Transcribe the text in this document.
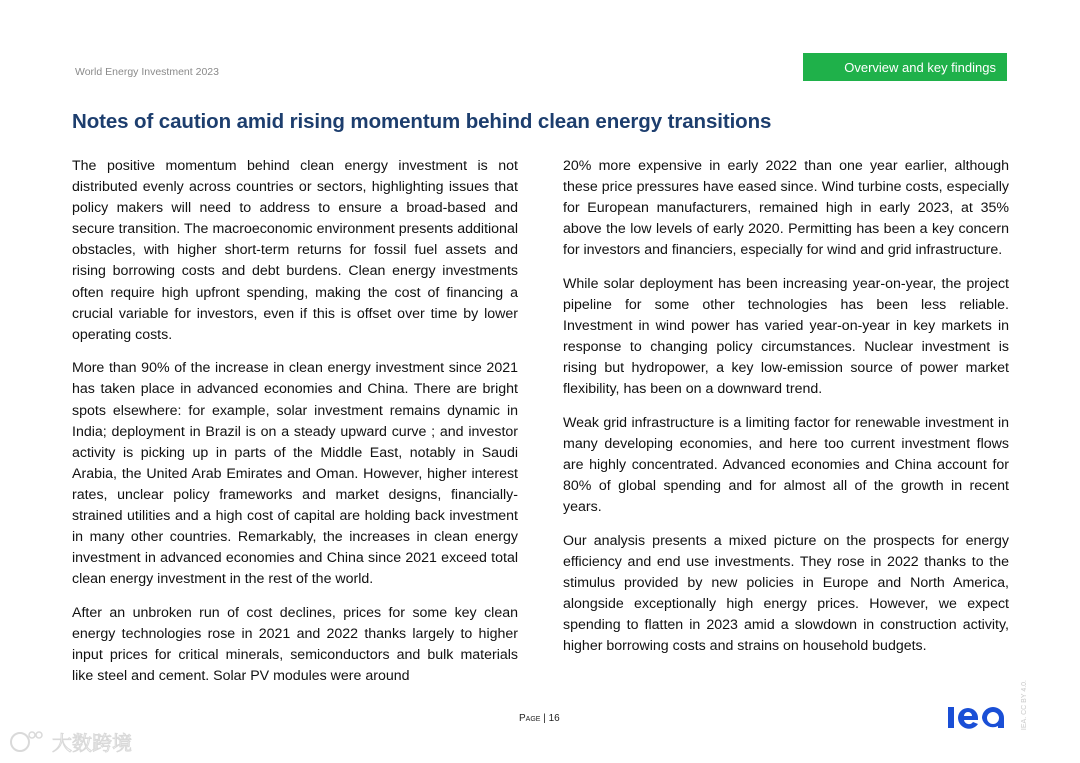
World Energy Investment 2023	Overview and key findings
Notes of caution amid rising momentum behind clean energy transitions

The positive momentum behind clean energy investment is not distributed evenly across countries or sectors, highlighting issues that policy makers will need to address to ensure a broad-based and secure transition. The macroeconomic environment presents additional obstacles, with higher short-term returns for fossil fuel assets and rising borrowing costs and debt burdens. Clean energy investments often require high upfront spending, making the cost of financing a crucial variable for investors, even if this is offset over time by lower operating costs.

More than 90% of the increase in clean energy investment since 2021 has taken place in advanced economies and China. There are bright spots elsewhere: for example, solar investment remains dynamic in India; deployment in Brazil is on a steady upward curve ; and investor activity is picking up in parts of the Middle East, notably in Saudi Arabia, the United Arab Emirates and Oman. However, higher interest rates, unclear policy frameworks and market designs, financially-strained utilities and a high cost of capital are holding back investment in many other countries. Remarkably, the increases in clean energy investment in advanced economies and China since 2021 exceed total clean energy investment in the rest of the world.

After an unbroken run of cost declines, prices for some key clean energy technologies rose in 2021 and 2022 thanks largely to higher input prices for critical minerals, semiconductors and bulk materials like steel and cement. Solar PV modules were around

20% more expensive in early 2022 than one year earlier, although these price pressures have eased since. Wind turbine costs, especially for European manufacturers, remained high in early 2023, at 35% above the low levels of early 2020. Permitting has been a key concern for investors and financiers, especially for wind and grid infrastructure.

While solar deployment has been increasing year-on-year, the project pipeline for some other technologies has been less reliable. Investment in wind power has varied year-on-year in key markets in response to changing policy circumstances. Nuclear investment is rising but hydropower, a key low-emission source of power market flexibility, has been on a downward trend.

Weak grid infrastructure is a limiting factor for renewable investment in many developing economies, and here too current investment flows are highly concentrated. Advanced economies and China account for 80% of global spending and for almost all of the growth in recent years.

Our analysis presents a mixed picture on the prospects for energy efficiency and end use investments. They rose in 2022 thanks to the stimulus provided by new policies in Europe and North America, alongside exceptionally high energy prices. However, we expect spending to flatten in 2023 amid a slowdown in construction activity, higher borrowing costs and strains on household budgets.

Page | 16	IEA. CC BY 4.0.
大数跨境
